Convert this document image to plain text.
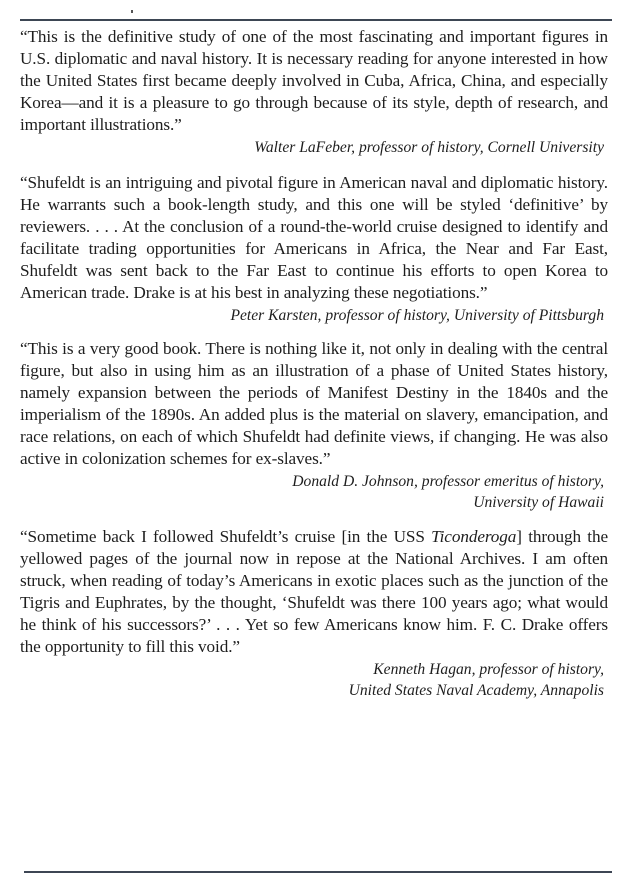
“This is the definitive study of one of the most fascinating and important figures in U.S. diplomatic and naval history. It is necessary reading for anyone interested in how the United States first became deeply involved in Cuba, Africa, China, and especially Korea—and it is a pleasure to go through because of its style, depth of research, and important illustrations.”

Walter LaFeber, professor of history, Cornell University

“Shufeldt is an intriguing and pivotal figure in American naval and diplomatic history. He warrants such a book-length study, and this one will be styled ‘definitive’ by reviewers. . . . At the conclusion of a round-the-world cruise designed to identify and facilitate trading opportunities for Americans in Africa, the Near and Far East, Shufeldt was sent back to the Far East to continue his efforts to open Korea to American trade. Drake is at his best in analyzing these negotiations.”

Peter Karsten, professor of history, University of Pittsburgh

“This is a very good book. There is nothing like it, not only in dealing with the central figure, but also in using him as an illustration of a phase of United States history, namely expansion between the periods of Manifest Destiny in the 1840s and the imperialism of the 1890s. An added plus is the material on slavery, emancipation, and race relations, on each of which Shufeldt had definite views, if changing. He was also active in colonization schemes for ex-slaves.”

Donald D. Johnson, professor emeritus of history,
University of Hawaii

“Sometime back I followed Shufeldt’s cruise [in the USS Ticonderoga] through the yellowed pages of the journal now in repose at the National Archives. I am often struck, when reading of today’s Americans in exotic places such as the junction of the Tigris and Euphrates, by the thought, ‘Shufeldt was there 100 years ago; what would he think of his successors?’ . . . Yet so few Americans know him. F. C. Drake offers the opportunity to fill this void.”

Kenneth Hagan, professor of history,
United States Naval Academy, Annapolis
